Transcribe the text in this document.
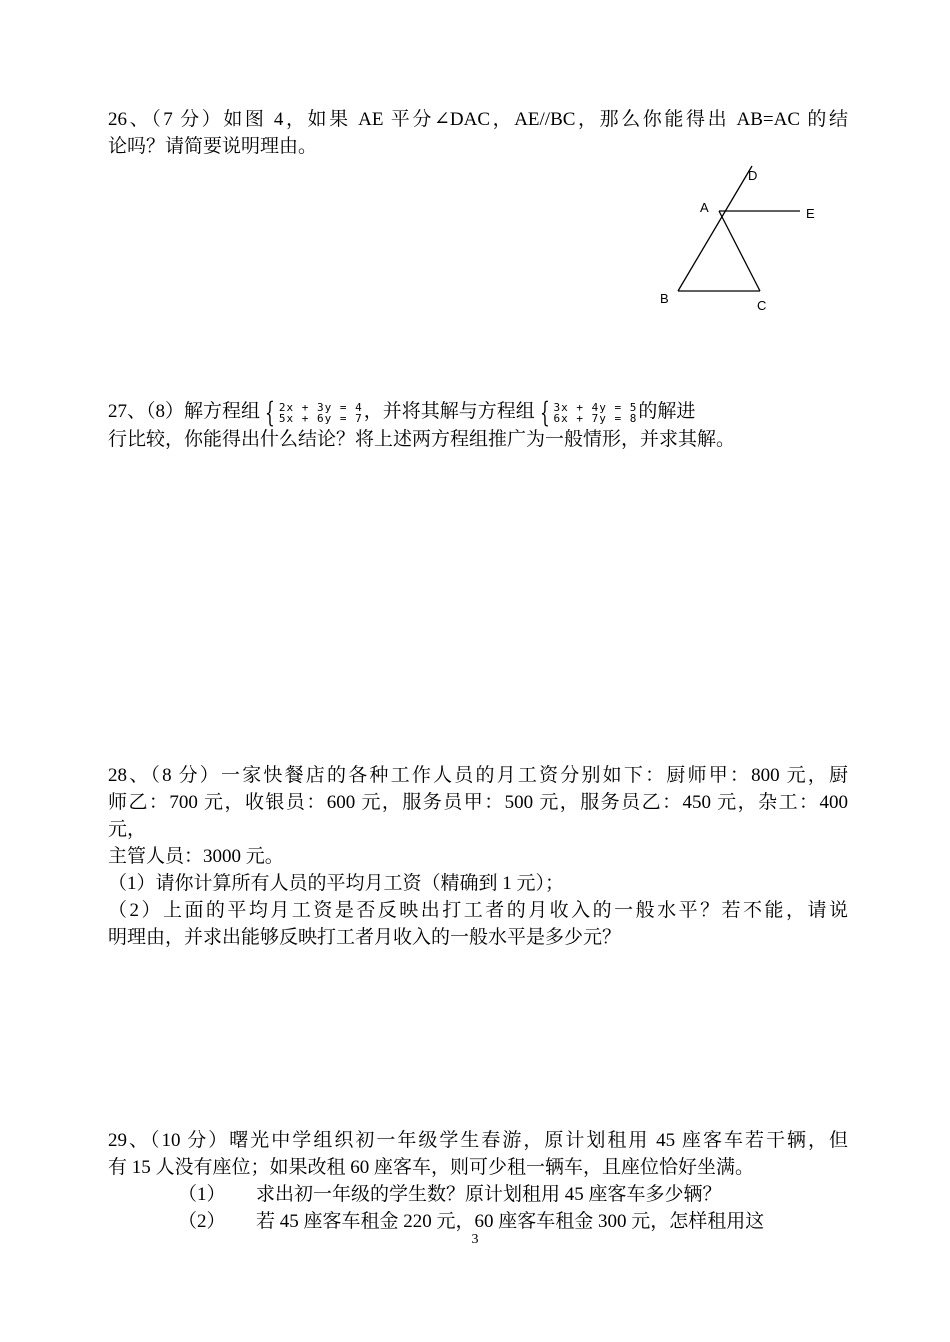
26、（7 分）如图 4，如果 AE 平分∠DAC，AE//BC，那么你能得出 AB=AC 的结
论吗？请简要说明理由。
D
A	E
B	C
27、（8）解方程组 { 2x + 3y = 4
5x + 6y = 7 ，并将其解与方程组 { 3x + 4y = 5
6x + 7y = 8 的解进
行比较，你能得出什么结论？将上述两方程组推广为一般情形，并求其解。
28、（8 分）一家快餐店的各种工作人员的月工资分别如下：厨师甲：800 元，厨
师乙：700 元，收银员：600 元，服务员甲：500 元，服务员乙：450 元，杂工：400
元，
主管人员：3000 元。
（1）请你计算所有人员的平均月工资（精确到 1 元）；
（2）上面的平均月工资是否反映出打工者的月收入的一般水平？若不能，请说
明理由，并求出能够反映打工者月收入的一般水平是多少元？
29、（10 分）曙光中学组织初一年级学生春游，原计划租用 45 座客车若干辆，但
有 15 人没有座位；如果改租 60 座客车，则可少租一辆车，且座位恰好坐满。
（1） 求出初一年级的学生数？原计划租用 45 座客车多少辆？
（2） 若 45 座客车租金 220 元，60 座客车租金 300 元，怎样租用这
3
